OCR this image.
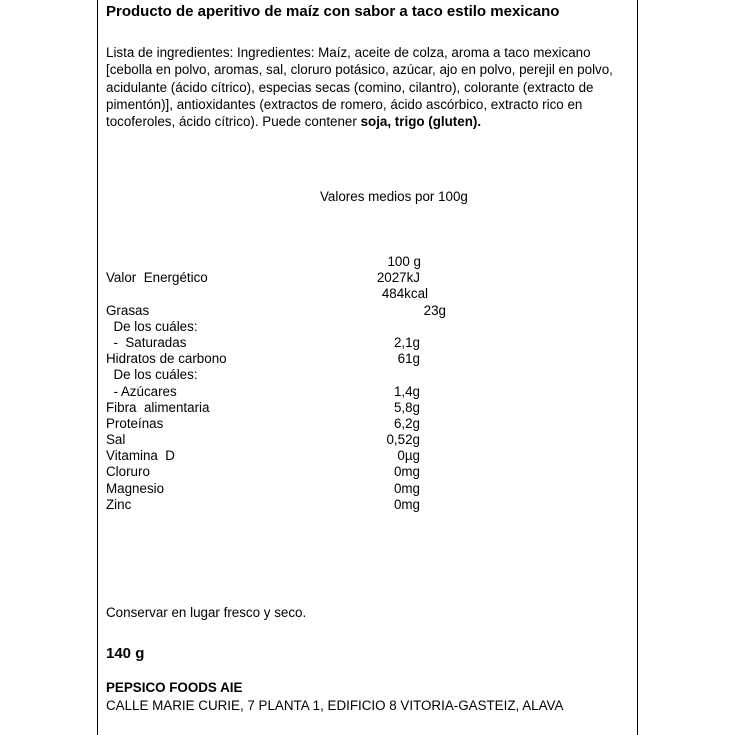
Producto de aperitivo de maíz con sabor a taco estilo mexicano
Lista de ingredientes: Ingredientes: Maíz, aceite de colza, aroma a taco mexicano [cebolla en polvo, aromas, sal, cloruro potásico, azúcar, ajo en polvo, perejil en polvo, acidulante (ácido cítrico), especias secas (comino, cilantro), colorante (extracto de pimentón)], antioxidantes (extractos de romero, ácido ascórbico, extracto rico en tocoferoles, ácido cítrico). Puede contener soja, trigo (gluten).
Valores medios por 100g
100 g
Valor  Energético	2027kJ
484kcal
Grasas	23g
De los cuáles:
-  Saturadas	2,1g
Hidratos de carbono	61g
De los cuáles:
- Azúcares	1,4g
Fibra  alimentaria	5,8g
Proteínas	6,2g
Sal	0,52g
Vitamina  D	0µg
Cloruro	0mg
Magnesio	0mg
Zinc	0mg
Conservar en lugar fresco y seco.
140 g
PEPSICO FOODS AIE
CALLE MARIE CURIE, 7 PLANTA 1, EDIFICIO 8 VITORIA-GASTEIZ, ALAVA
